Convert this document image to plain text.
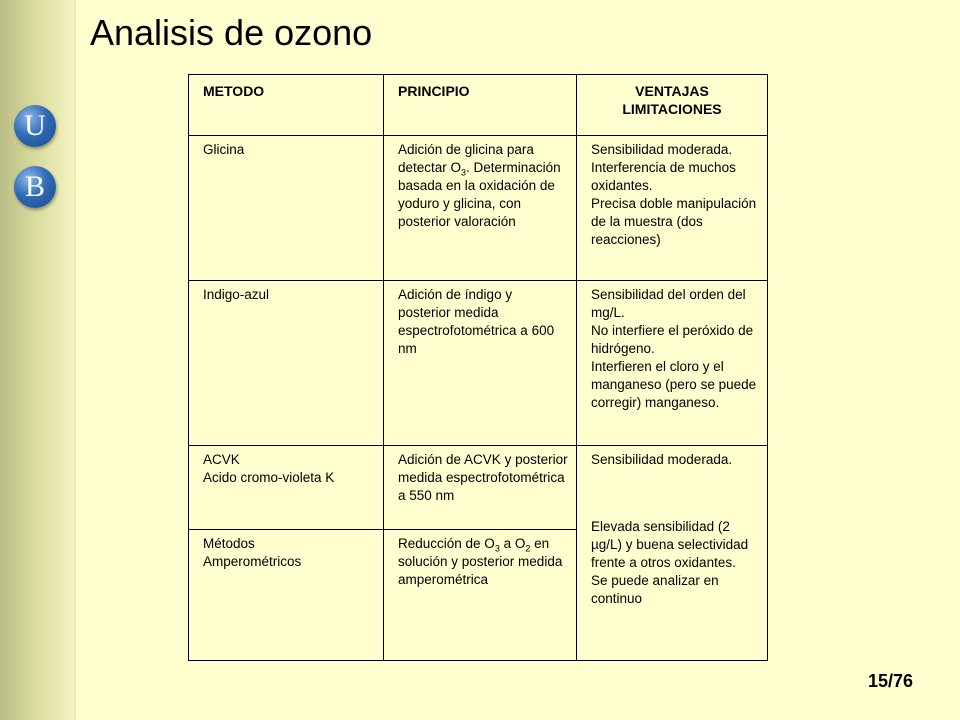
U
B
Analisis de ozono
METODO	PRINCIPIO	VENTAJAS
LIMITACIONES

Glicina	Adición de glicina para detectar $O_3$. Determinación basada en la oxidación de yoduro y glicina, con posterior valoración	Sensibilidad moderada.
Interferencia de muchos oxidantes.
Precisa doble manipulación de la muestra (dos reacciones)

Indigo-azul	Adición de índigo y posterior medida espectrofotométrica a 600 nm	Sensibilidad del orden del mg/L.
No interfiere el peróxido de hidrógeno.
Interfieren el cloro y el manganeso (pero se puede corregir) manganeso.

ACVK
Acido cromo-violeta K	Adición de ACVK y posterior medida espectrofotométrica a 550 nm	Sensibilidad moderada.
Elevada sensibilidad (2 µg/L) y buena selectividad frente a otros oxidantes.
Se puede analizar en continuo

Métodos
Amperométricos	Reducción de $O_3$ a $O_2$ en solución y posterior medida amperométrica	
15/76
